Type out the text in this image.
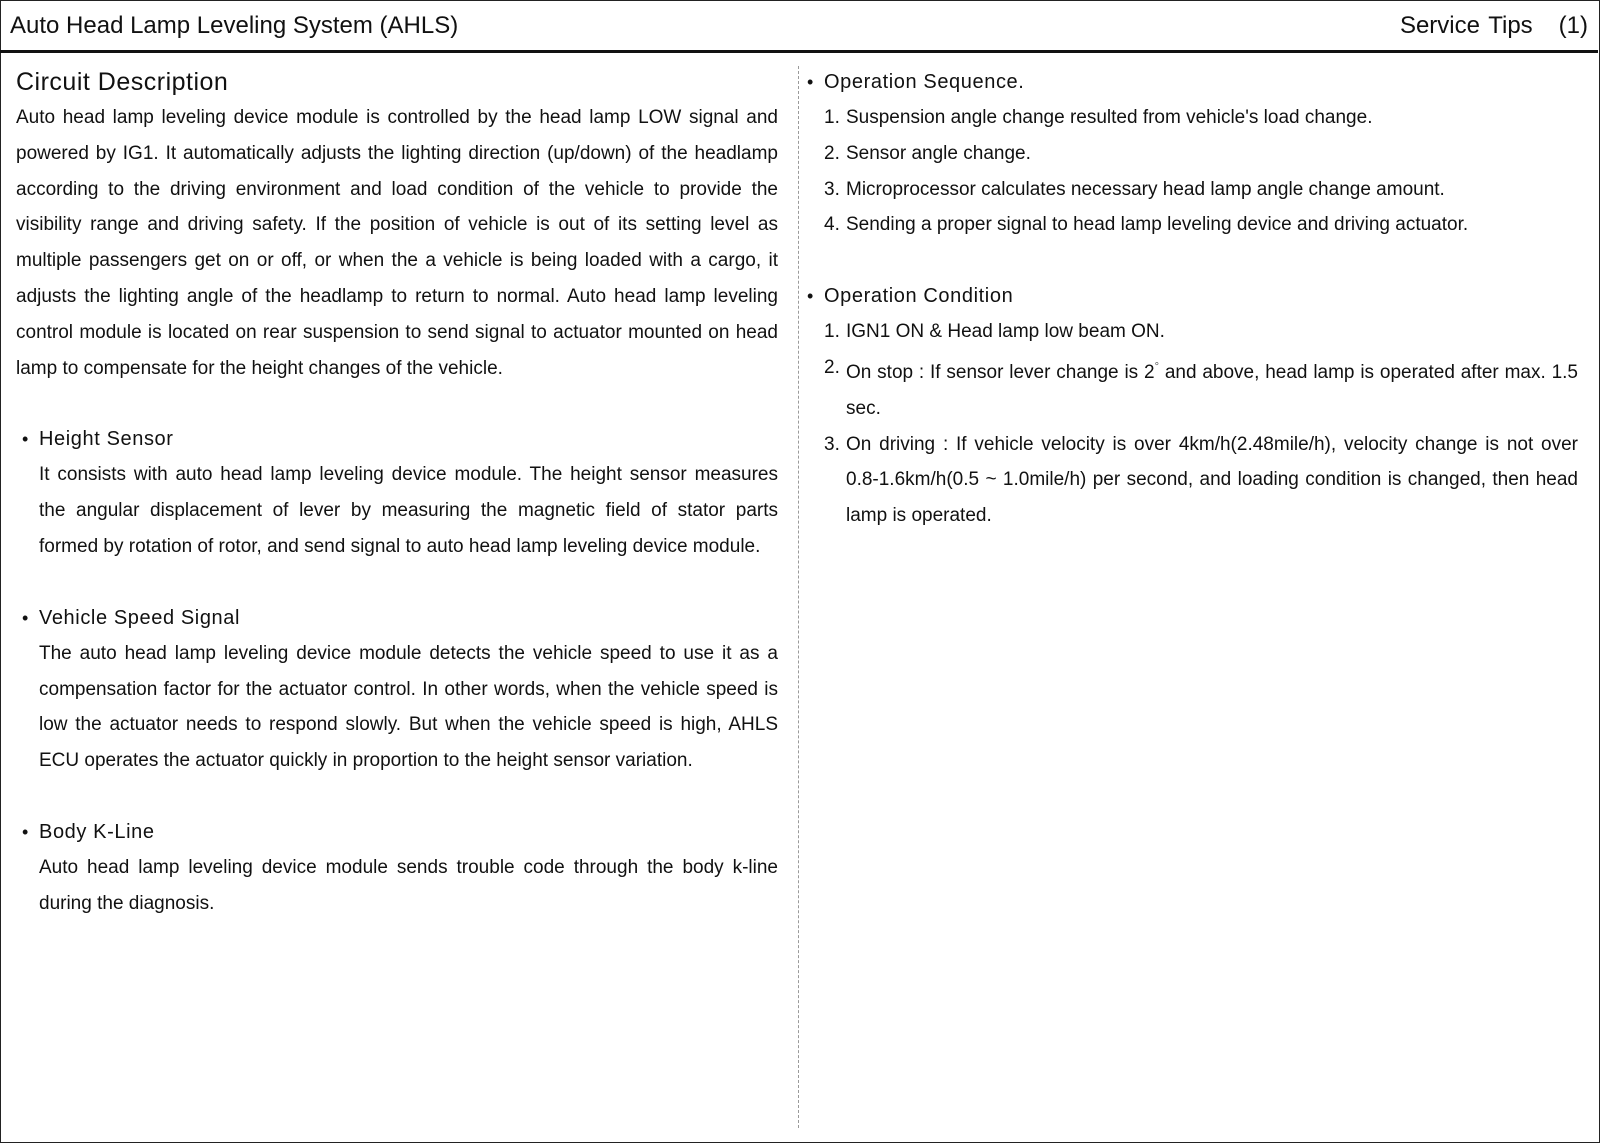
Auto Head Lamp Leveling System (AHLS)	Service Tips   (1)
Circuit Description

Auto head lamp leveling device module is controlled by the head lamp LOW signal and powered by IG1. It automatically adjusts the lighting direction (up/down) of the headlamp according to the driving environment and load condition of the vehicle to provide the visibility range and driving safety. If the position of vehicle is out of its setting level as multiple passengers get on or off, or when the a vehicle is being loaded with a cargo, it adjusts the lighting angle of the headlamp to return to normal. Auto head lamp leveling control module is located on rear suspension to send signal to actuator mounted on head lamp to compensate for the height changes of the vehicle.

• Height Sensor

It consists with auto head lamp leveling device module. The height sensor measures the angular displacement of lever by measuring the magnetic field of stator parts formed by rotation of rotor, and send signal to auto head lamp leveling device module.

• Vehicle Speed Signal

The auto head lamp leveling device module detects the vehicle speed to use it as a compensation factor for the actuator control. In other words, when the vehicle speed is low the actuator needs to respond slowly. But when the vehicle speed is high, AHLS ECU operates the actuator quickly in proportion to the height sensor variation.

• Body K-Line

Auto head lamp leveling device module sends trouble code through the body k-line during the diagnosis.

• Operation Sequence.
1. Suspension angle change resulted from vehicle's load change.
2. Sensor angle change.
3. Microprocessor calculates necessary head lamp angle change amount.
4. Sending a proper signal to head lamp leveling device and driving actuator.
• Operation Condition
1. IGN1 ON & Head lamp low beam ON.
2. On stop : If sensor lever change is 2° and above, head lamp is operated after max. 1.5 sec.
3. On driving : If vehicle velocity is over 4km/h(2.48mile/h), velocity change is not over 0.8-1.6km/h(0.5 ~ 1.0mile/h) per second, and loading condition is changed, then head lamp is operated.
